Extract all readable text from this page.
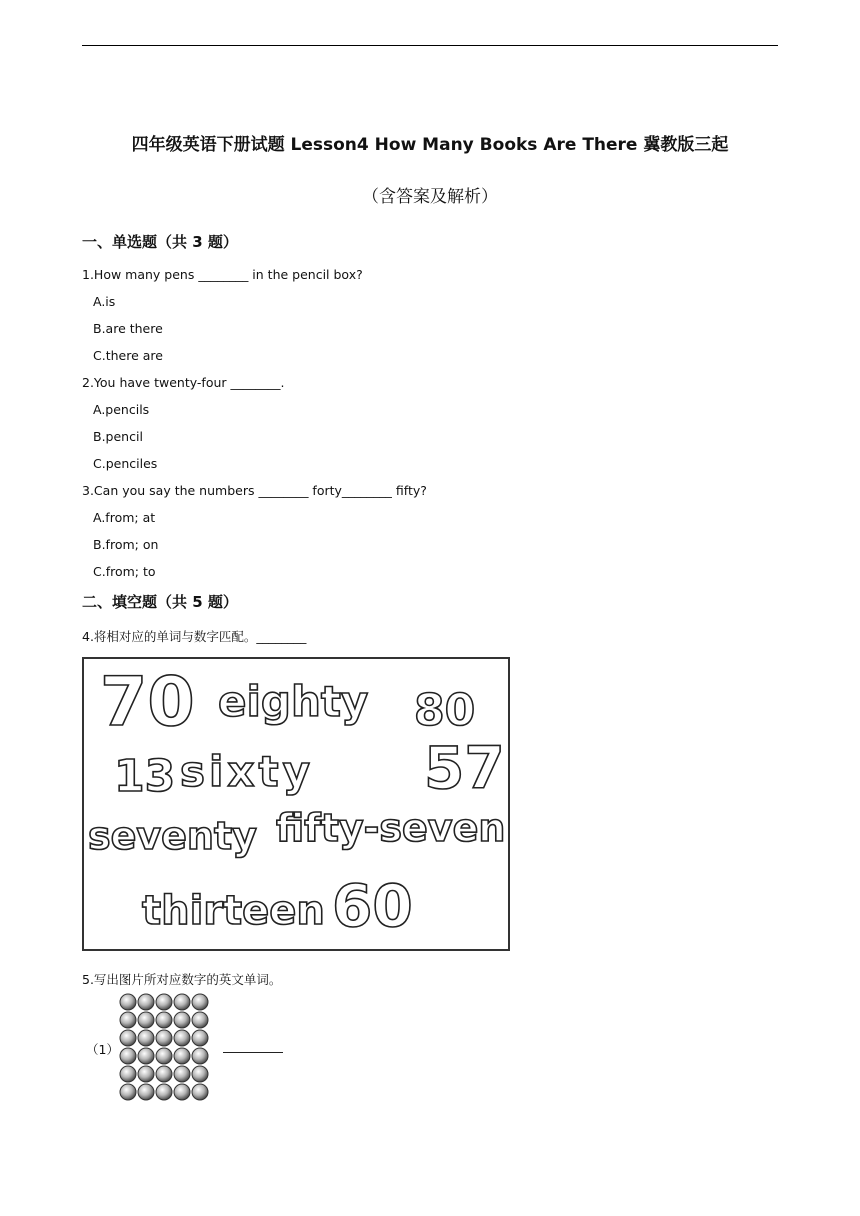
四年级英语下册试题 Lesson4 How Many Books Are There 冀教版三起
（含答案及解析）
一、单选题（共 3 题）
1.How many pens ________ in the pencil box?
A.is
B.are there
C.there are
2.You have twenty-four ________.
A.pencils
B.pencil
C.penciles
3.Can you say the numbers ________ forty________ fifty?
A.from; at
B.from; on
C.from; to
二、填空题（共 5 题）
4.将相对应的单词与数字匹配。________
70 eighty 80
13 sixty 57
seventy fifty-seven
thirteen 60
5.写出图片所对应数字的英文单词。
（1）
